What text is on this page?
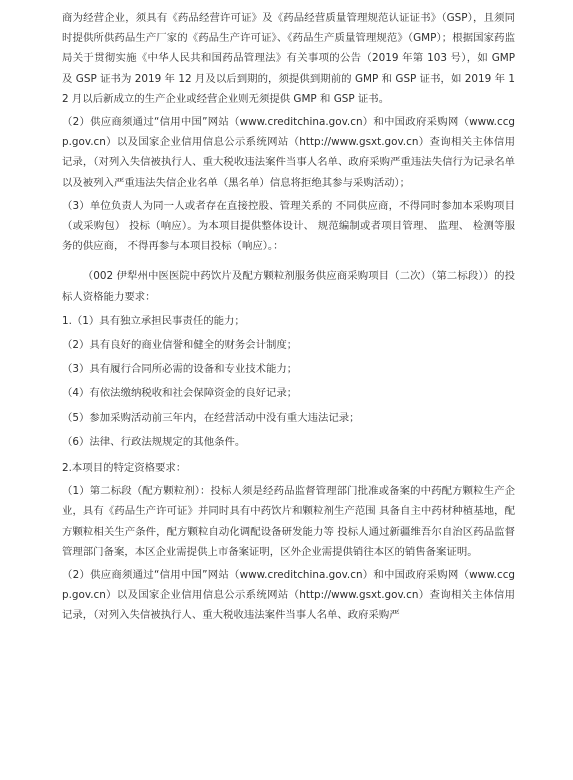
商为经营企业，须具有《药品经营许可证》及《药品经营质量管理规范认证证书》（GSP），且须同时提供所供药品生产厂家的《药品生产许可证》、《药品生产质量管理规范》（GMP）；根据国家药监局关于贯彻实施《中华人民共和国药品管理法》有关事项的公告（2019 年第 103 号），如 GMP 及 GSP 证书为 2019 年 12 月及以后到期的，须提供到期前的 GMP 和 GSP 证书，如 2019 年 12 月以后新成立的生产企业或经营企业则无须提供 GMP 和 GSP 证书。

（2）供应商须通过“信用中国”网站（www.creditchina.gov.cn）和中国政府采购网（www.ccgp.gov.cn）以及国家企业信用信息公示系统网站（http://www.gsxt.gov.cn）查询相关主体信用记录，（对列入失信被执行人、重大税收违法案件当事人名单、政府采购严重违法失信行为记录名单以及被列入严重违法失信企业名单（黑名单）信息将拒绝其参与采购活动）；

（3）单位负责人为同一人或者存在直接控股、管理关系的 不同供应商，不得同时参加本采购项目（或采购包） 投标（响应）。为本项目提供整体设计、 规范编制或者项目管理、 监理、 检测等服务的供应商， 不得再参与本项目投标（响应）。：

（002 伊犁州中医医院中药饮片及配方颗粒剂服务供应商采购项目（二次）（第二标段））的投标人资格能力要求：

1.（1）具有独立承担民事责任的能力；

（2）具有良好的商业信誉和健全的财务会计制度；

（3）具有履行合同所必需的设备和专业技术能力；

（4）有依法缴纳税收和社会保障资金的良好记录；

（5）参加采购活动前三年内，在经营活动中没有重大违法记录；

（6）法律、行政法规规定的其他条件。

2.本项目的特定资格要求：

（1）第二标段（配方颗粒剂）：投标人须是经药品监督管理部门批准或备案的中药配方颗粒生产企业，具有《药品生产许可证》并同时具有中药饮片和颗粒剂生产范围 具备自主中药材种植基地，配方颗粒相关生产条件，配方颗粒自动化调配设备研发能力等 投标人通过新疆维吾尔自治区药品监督管理部门备案，本区企业需提供上市备案证明，区外企业需提供销往本区的销售备案证明。

（2）供应商须通过“信用中国”网站（www.creditchina.gov.cn）和中国政府采购网（www.ccgp.gov.cn）以及国家企业信用信息公示系统网站（http://www.gsxt.gov.cn）查询相关主体信用记录，（对列入失信被执行人、重大税收违法案件当事人名单、政府采购严
